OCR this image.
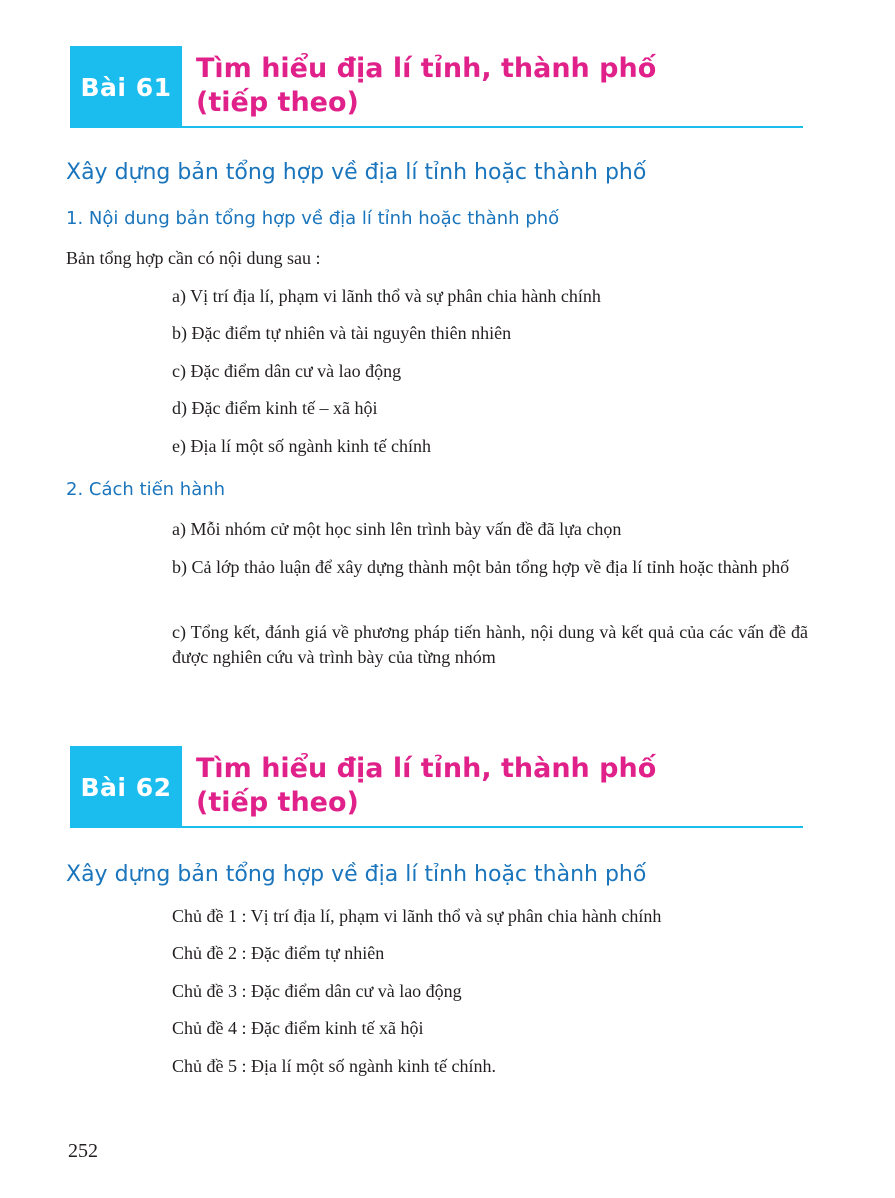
Bài 61
Tìm hiểu địa lí tỉnh, thành phố
(tiếp theo)
Xây dựng bản tổng hợp về địa lí tỉnh hoặc thành phố
1. Nội dung bản tổng hợp về địa lí tỉnh hoặc thành phố
Bản tổng hợp cần có nội dung sau :
a) Vị trí địa lí, phạm vi lãnh thổ và sự phân chia hành chính
b) Đặc điểm tự nhiên và tài nguyên thiên nhiên
c) Đặc điểm dân cư và lao động
d) Đặc điểm kinh tế – xã hội
e) Địa lí một số ngành kinh tế chính
2. Cách tiến hành
a) Mỗi nhóm cử một học sinh lên trình bày vấn đề đã lựa chọn
b) Cả lớp thảo luận để xây dựng thành một bản tổng hợp về địa lí tỉnh hoặc thành phố
c) Tổng kết, đánh giá về phương pháp tiến hành, nội dung và kết quả của các vấn đề đã được nghiên cứu và trình bày của từng nhóm
Bài 62
Tìm hiểu địa lí tỉnh, thành phố
(tiếp theo)
Xây dựng bản tổng hợp về địa lí tỉnh hoặc thành phố
Chủ đề 1 : Vị trí địa lí, phạm vi lãnh thổ và sự phân chia hành chính
Chủ đề 2 : Đặc điểm tự nhiên
Chủ đề 3 : Đặc điểm dân cư và lao động
Chủ đề 4 : Đặc điểm kinh tế xã hội
Chủ đề 5 : Địa lí một số ngành kinh tế chính.
252
